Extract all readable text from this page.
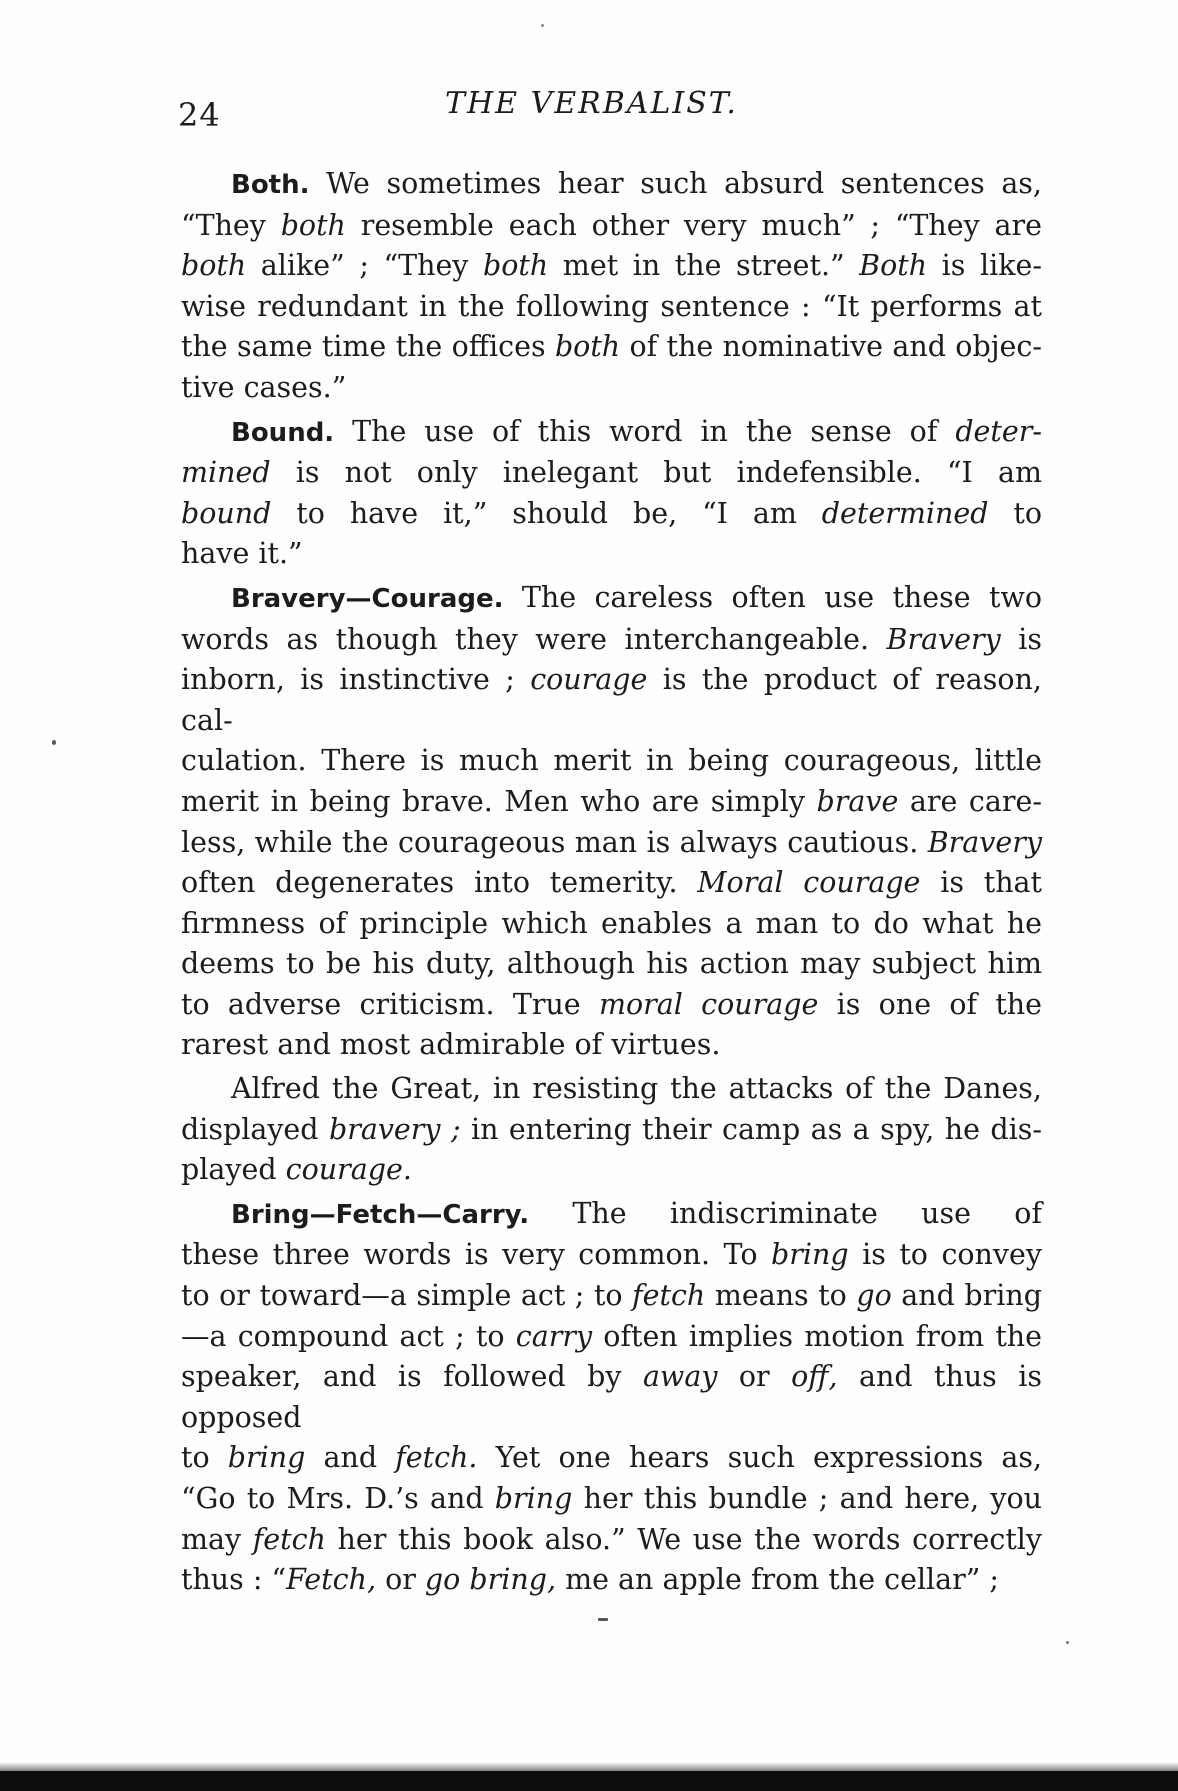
24	THE VERBALIST.
Both. We sometimes hear such absurd sentences as,
“They both resemble each other very much” ; “They are
both alike” ; “They both met in the street.” Both is like-
wise redundant in the following sentence : “It performs at
the same time the offices both of the nominative and objec-
tive cases.”
Bound. The use of this word in the sense of deter-
mined is not only inelegant but indefensible. “I am
bound to have it,” should be, “I am determined to
have it.”
Bravery—Courage. The careless often use these two
words as though they were interchangeable. Bravery is
inborn, is instinctive ; courage is the product of reason, cal-
culation. There is much merit in being courageous, little
merit in being brave. Men who are simply brave are care-
less, while the courageous man is always cautious. Bravery
often degenerates into temerity. Moral courage is that
firmness of principle which enables a man to do what he
deems to be his duty, although his action may subject him
to adverse criticism. True moral courage is one of the
rarest and most admirable of virtues.
Alfred the Great, in resisting the attacks of the Danes,
displayed bravery ; in entering their camp as a spy, he dis-
played courage.
Bring—Fetch—Carry. The indiscriminate use of
these three words is very common. To bring is to convey
to or toward—a simple act ; to fetch means to go and bring
—a compound act ; to carry often implies motion from the
speaker, and is followed by away or off, and thus is opposed
to bring and fetch. Yet one hears such expressions as,
“Go to Mrs. D.’s and bring her this bundle ; and here, you
may fetch her this book also.” We use the words correctly
thus : “Fetch, or go bring, me an apple from the cellar” ;
